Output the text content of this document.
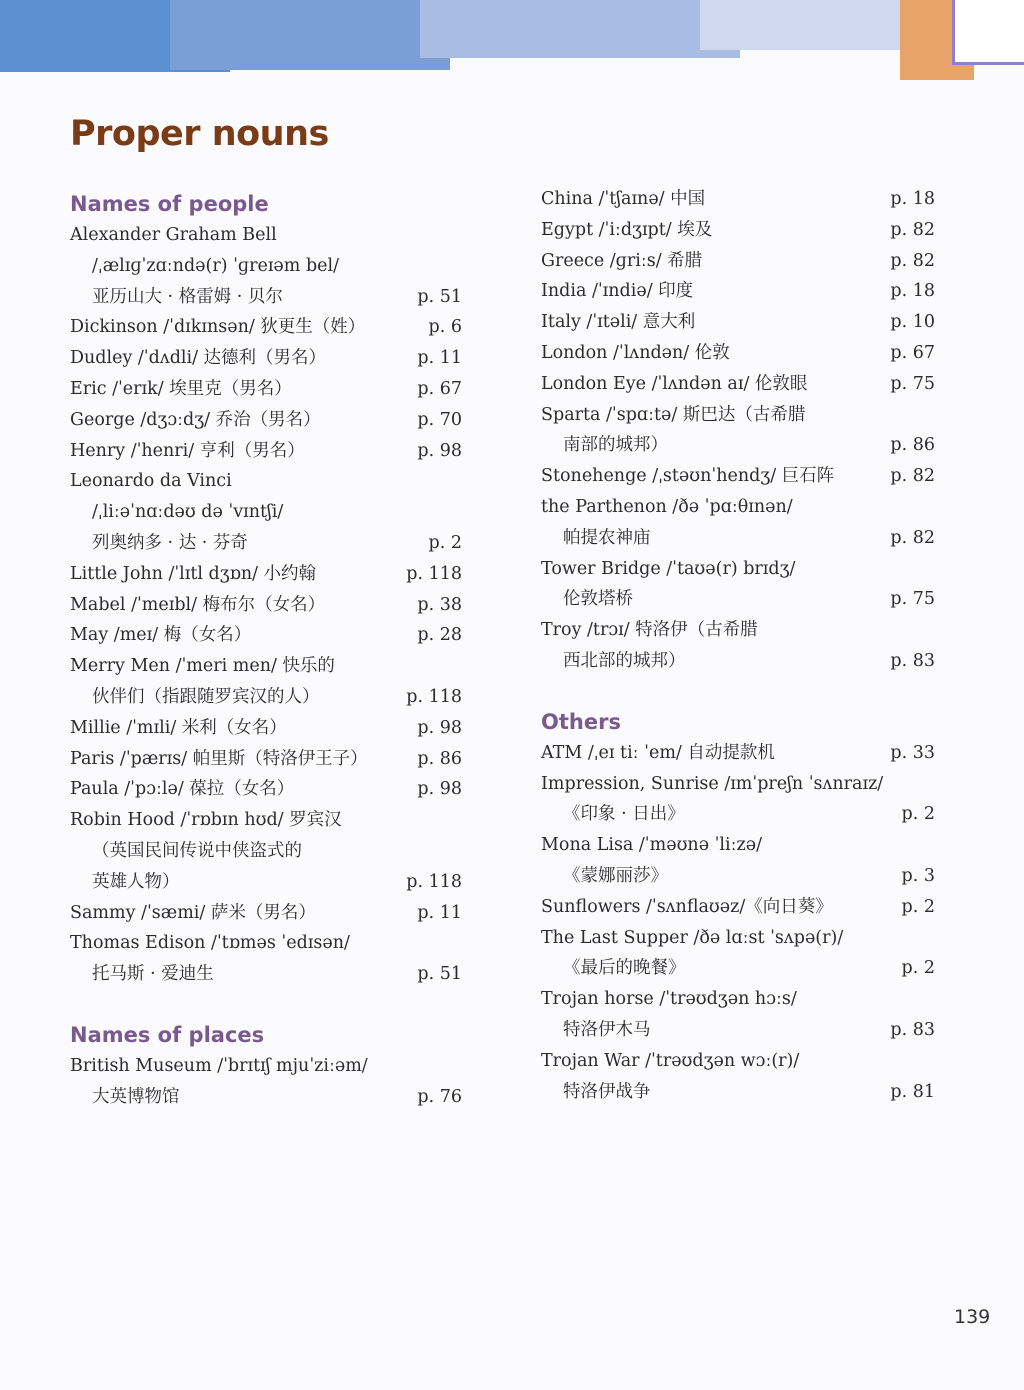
Proper nouns
Names of people
Alexander Graham Bell
/ˌælɪɡˈzɑːndə(r) ˈɡreɪəm bel/
亚历山大 · 格雷姆 · 贝尔	p. 51
Dickinson /ˈdɪkɪnsən/ 狄更生（姓）	p. 6
Dudley /ˈdʌdli/ 达德利（男名）	p. 11
Eric /ˈerɪk/ 埃里克（男名）	p. 67
George /dʒɔːdʒ/ 乔治（男名）	p. 70
Henry /ˈhenri/ 亨利（男名）	p. 98
Leonardo da Vinci
/ˌliːəˈnɑːdəʊ də ˈvɪntʃi/
列奥纳多 · 达 · 芬奇	p. 2
Little John /ˈlɪtl dʒɒn/ 小约翰	p. 118
Mabel /ˈmeɪbl/ 梅布尔（女名）	p. 38
May /meɪ/ 梅（女名）	p. 28
Merry Men /ˈmeri men/ 快乐的
伙伴们（指跟随罗宾汉的人）	p. 118
Millie /ˈmɪli/ 米利（女名）	p. 98
Paris /ˈpærɪs/ 帕里斯（特洛伊王子）	p. 86
Paula /ˈpɔːlə/ 葆拉（女名）	p. 98
Robin Hood /ˈrɒbɪn hʊd/ 罗宾汉
（英国民间传说中侠盗式的
英雄人物）	p. 118
Sammy /ˈsæmi/ 萨米（男名）	p. 11
Thomas Edison /ˈtɒməs ˈedɪsən/
托马斯 · 爱迪生	p. 51
Names of places
British Museum /ˈbrɪtɪʃ mjuˈziːəm/
大英博物馆	p. 76
China /ˈtʃaɪnə/ 中国	p. 18
Egypt /ˈiːdʒɪpt/ 埃及	p. 82
Greece /ɡriːs/ 希腊	p. 82
India /ˈɪndiə/ 印度	p. 18
Italy /ˈɪtəli/ 意大利	p. 10
London /ˈlʌndən/ 伦敦	p. 67
London Eye /ˈlʌndən aɪ/ 伦敦眼	p. 75
Sparta /ˈspɑːtə/ 斯巴达（古希腊
南部的城邦）	p. 86
Stonehenge /ˌstəʊnˈhendʒ/ 巨石阵	p. 82
the Parthenon /ðə ˈpɑːθɪnən/
帕提农神庙	p. 82
Tower Bridge /ˈtaʊə(r) brɪdʒ/
伦敦塔桥	p. 75
Troy /trɔɪ/ 特洛伊（古希腊
西北部的城邦）	p. 83
Others
ATM /ˌeɪ tiː ˈem/ 自动提款机	p. 33
Impression, Sunrise /ɪmˈpreʃn ˈsʌnraɪz/
《印象 · 日出》	p. 2
Mona Lisa /ˈməʊnə ˈliːzə/
《蒙娜丽莎》	p. 3
Sunflowers /ˈsʌnflaʊəz/《向日葵》	p. 2
The Last Supper /ðə lɑːst ˈsʌpə(r)/
《最后的晚餐》	p. 2
Trojan horse /ˈtrəʊdʒən hɔːs/
特洛伊木马	p. 83
Trojan War /ˈtrəʊdʒən wɔː(r)/
特洛伊战争	p. 81
139
